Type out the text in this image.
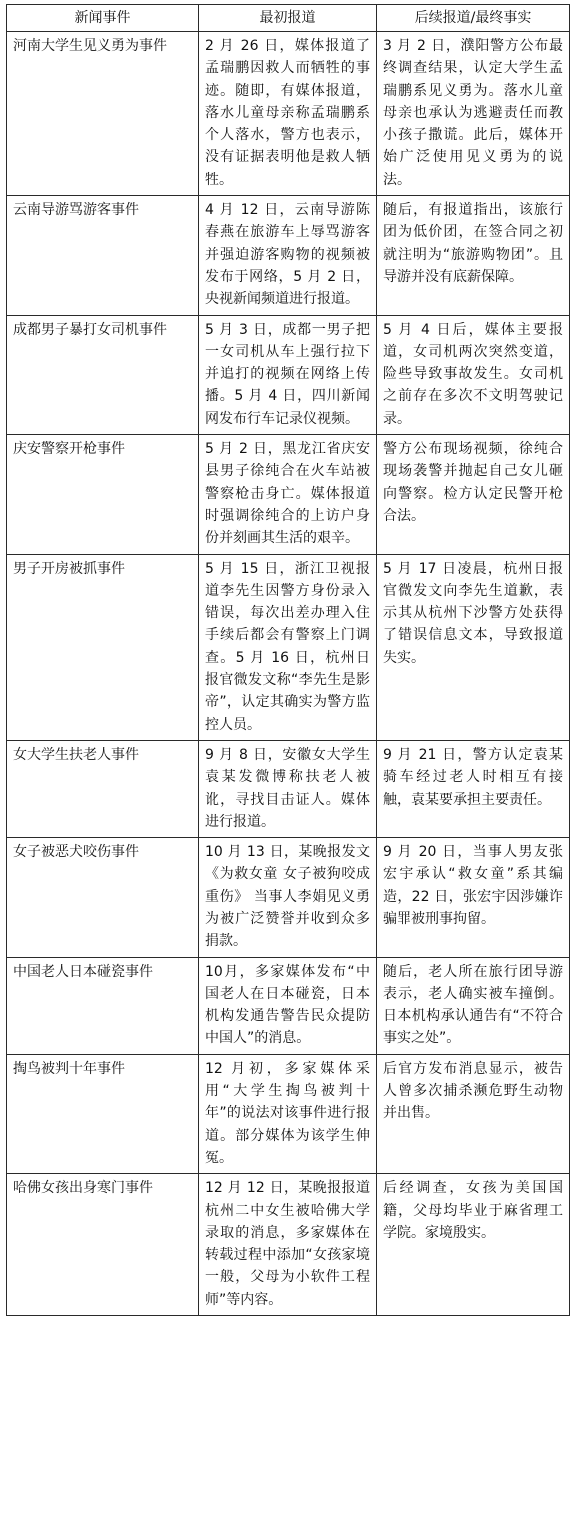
新闻事件	最初报道	后续报道/最终事实
河南大学生见义勇为事件	2 月 26 日，媒体报道了孟瑞鹏因救人而牺牲的事迹。随即，有媒体报道，落水儿童母亲称孟瑞鹏系个人落水，警方也表示，没有证据表明他是救人牺牲。	3 月 2 日，濮阳警方公布最终调查结果，认定大学生孟瑞鹏系见义勇为。落水儿童母亲也承认为逃避责任而教小孩子撒谎。此后，媒体开始广泛使用见义勇为的说法。
云南导游骂游客事件	4 月 12 日，云南导游陈春燕在旅游车上辱骂游客并强迫游客购物的视频被发布于网络，5 月 2 日，央视新闻频道进行报道。	随后，有报道指出，该旅行团为低价团，在签合同之初就注明为“旅游购物团”。且导游并没有底薪保障。
成都男子暴打女司机事件	5 月 3 日，成都一男子把一女司机从车上强行拉下并追打的视频在网络上传播。5 月 4 日，四川新闻网发布行车记录仪视频。	5 月 4 日后，媒体主要报道，女司机两次突然变道，险些导致事故发生。女司机之前存在多次不文明驾驶记录。
庆安警察开枪事件	5 月 2 日，黑龙江省庆安县男子徐纯合在火车站被警察枪击身亡。媒体报道时强调徐纯合的上访户身份并刻画其生活的艰辛。	警方公布现场视频，徐纯合现场袭警并抛起自己女儿砸向警察。检方认定民警开枪合法。
男子开房被抓事件	5 月 15 日，浙江卫视报道李先生因警方身份录入错误，每次出差办理入住手续后都会有警察上门调查。5 月 16 日，杭州日报官微发文称“李先生是影帝”，认定其确实为警方监控人员。	5 月 17 日凌晨，杭州日报官微发文向李先生道歉，表示其从杭州下沙警方处获得了错误信息文本，导致报道失实。
女大学生扶老人事件	9 月 8 日，安徽女大学生袁某发微博称扶老人被讹，寻找目击证人。媒体进行报道。	9 月 21 日，警方认定袁某骑车经过老人时相互有接触，袁某要承担主要责任。
女子被恶犬咬伤事件	10 月 13 日，某晚报发文《为救女童 女子被狗咬成重伤》 当事人李娟见义勇为被广泛赞誉并收到众多捐款。	9 月 20 日，当事人男友张宏宇承认“救女童”系其编造，22 日，张宏宇因涉嫌诈骗罪被刑事拘留。
中国老人日本碰瓷事件	10月，多家媒体发布“中国老人在日本碰瓷，日本机构发通告警告民众提防中国人”的消息。	随后，老人所在旅行团导游表示，老人确实被车撞倒。日本机构承认通告有“不符合事实之处”。
掏鸟被判十年事件	12 月初，多家媒体采用“大学生掏鸟被判十年”的说法对该事件进行报道。部分媒体为该学生伸冤。	后官方发布消息显示，被告人曾多次捕杀濒危野生动物并出售。
哈佛女孩出身寒门事件	12 月 12 日，某晚报报道杭州二中女生被哈佛大学录取的消息，多家媒体在转载过程中添加“女孩家境一般，父母为小软件工程师”等内容。	后经调查，女孩为美国国籍，父母均毕业于麻省理工学院。家境殷实。
